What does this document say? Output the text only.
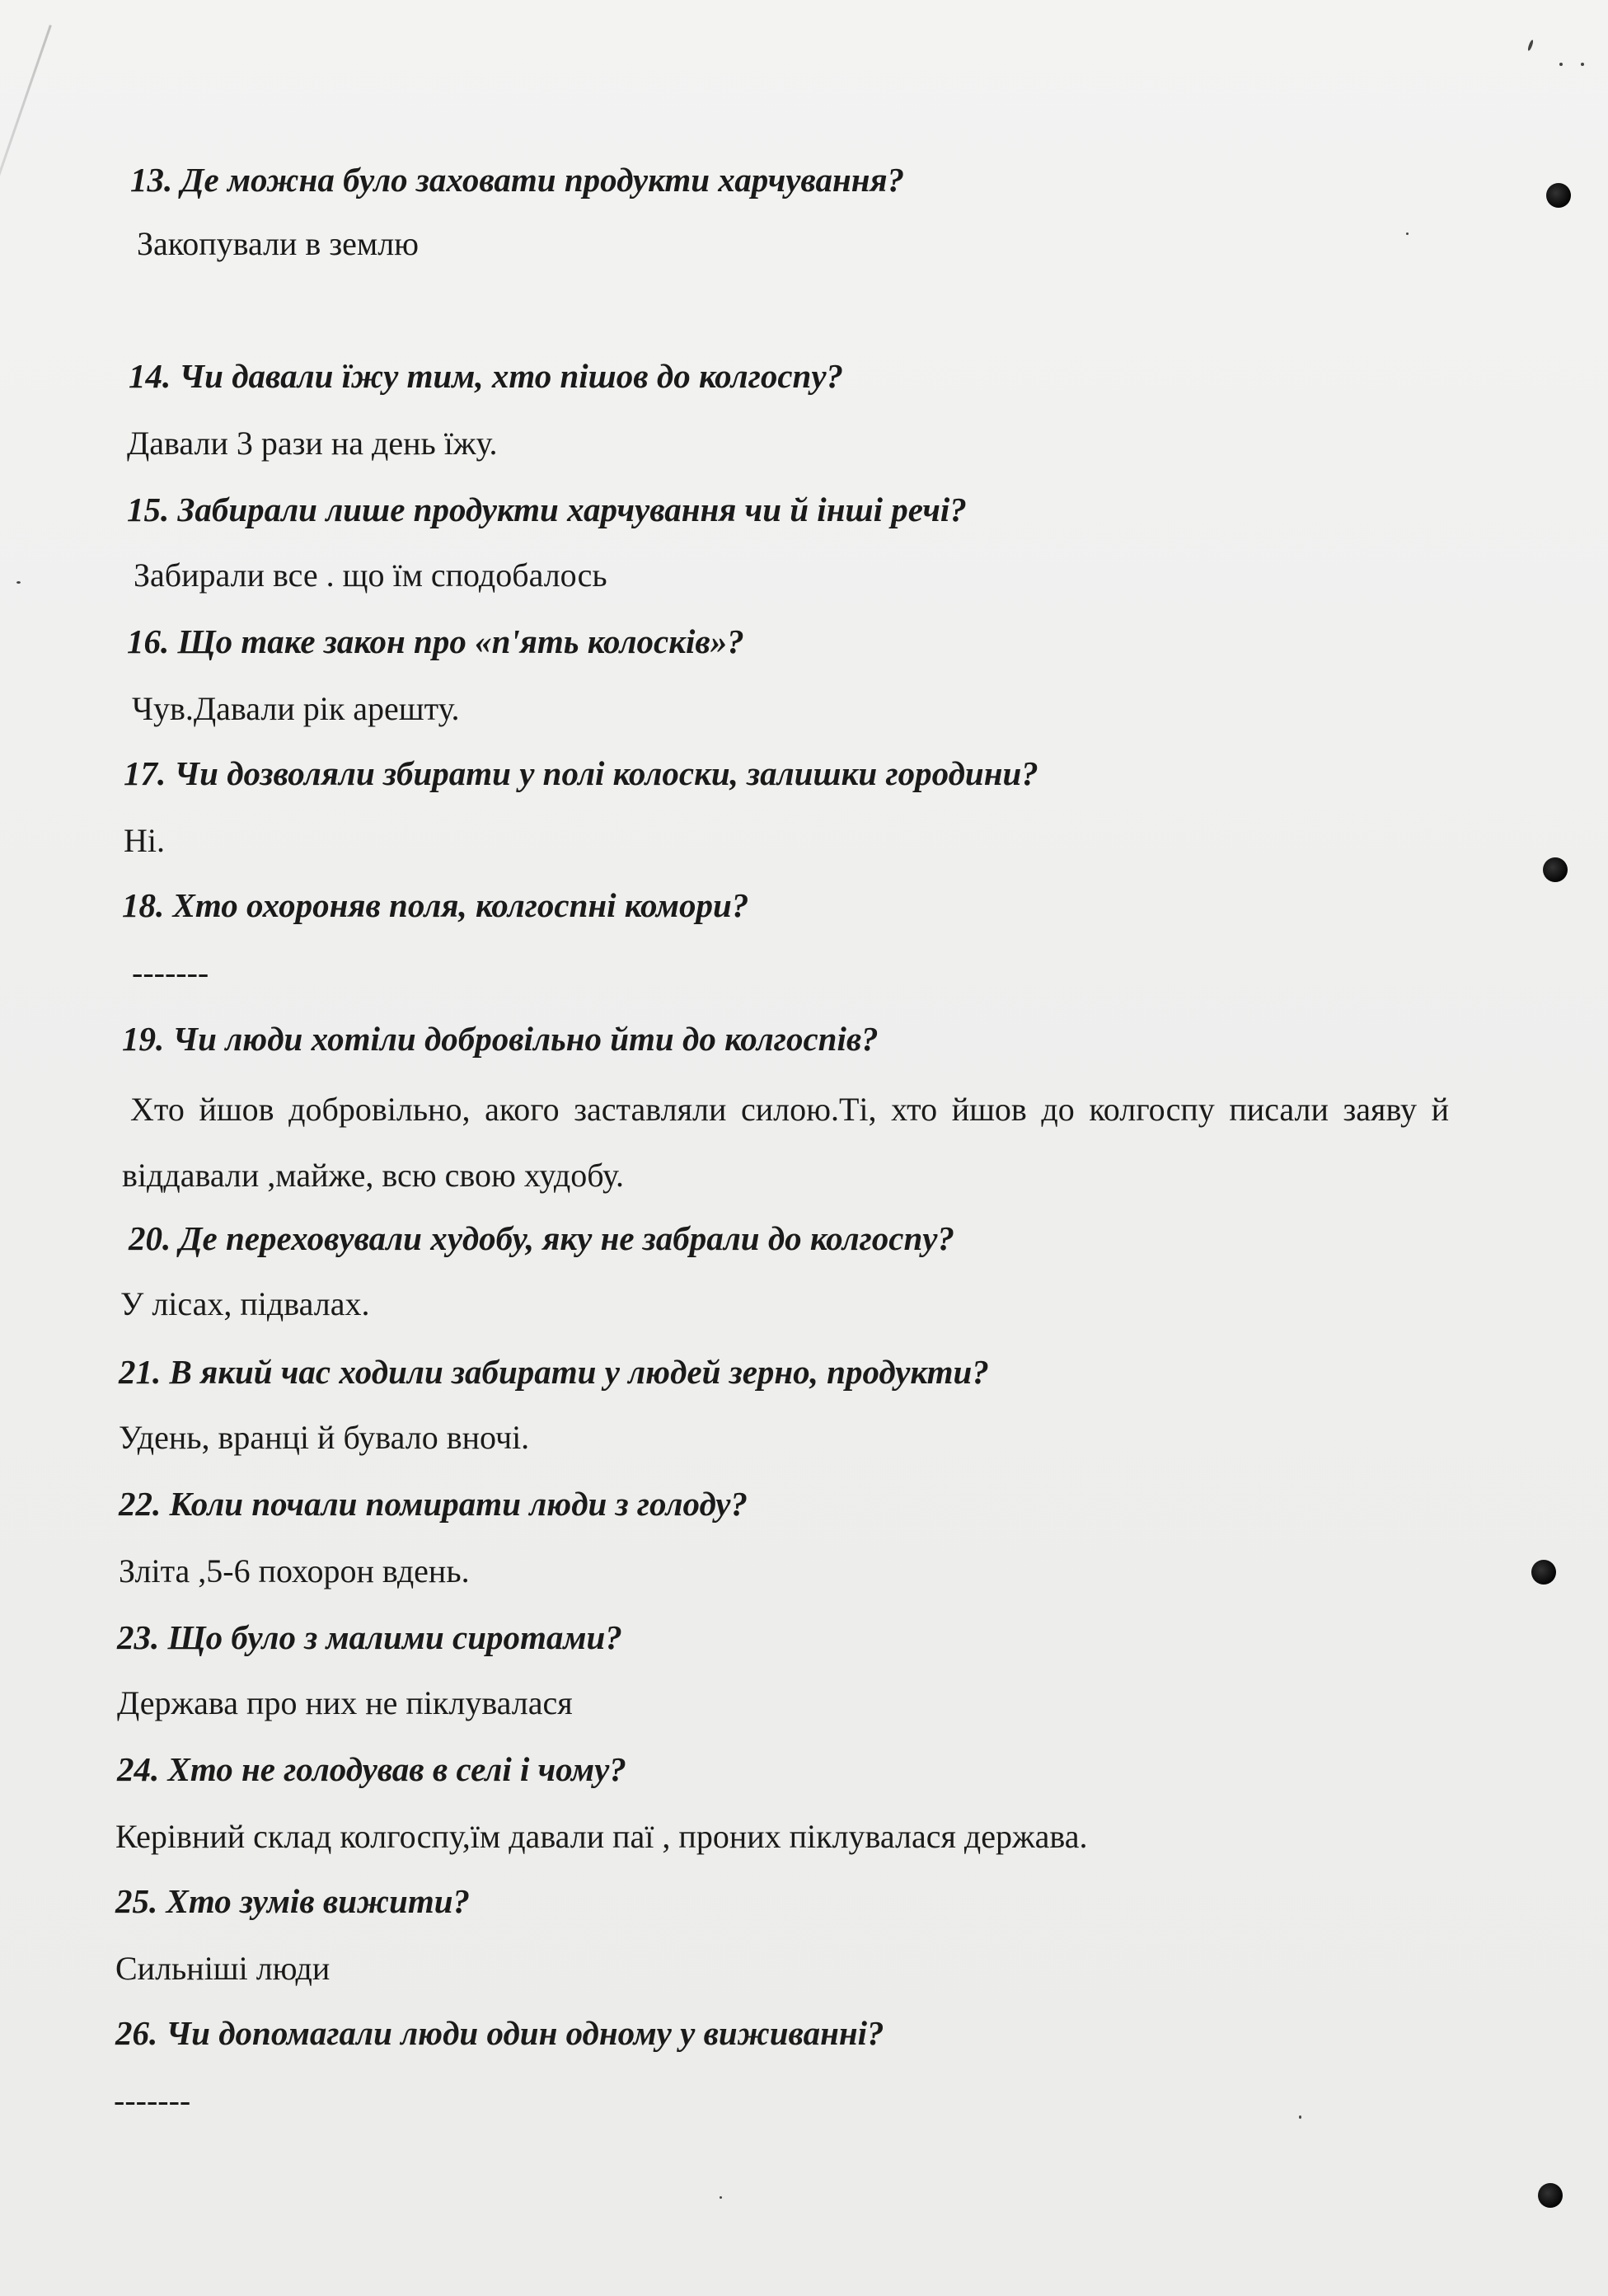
13. Де можна було заховати продукти харчування?
Закопували в землю
14. Чи давали їжу тим, хто пішов до колгоспу?
Давали 3 рази на день їжу.
15. Забирали лише продукти харчування чи й інші речі?
Забирали все . що їм сподобалось
16. Що таке закон про «п'ять колосків»?
Чув.Давали рік арешту.
17. Чи дозволяли збирати у полі колоски, залишки городини?
Ні.
18. Хто охороняв поля, колгоспні комори?
-------
19. Чи люди хотіли добровільно йти до колгоспів?
Хто йшов добровільно, акого заставляли силою.Ті, хто йшов до колгоспу писали заяву й віддавали ,майже, всю свою худобу.
20. Де переховували худобу, яку не забрали до колгоспу?
У лісах, підвалах.
21. В який час ходили забирати у людей зерно, продукти?
Удень, вранці й бувало вночі.
22. Коли почали помирати люди з голоду?
Зліта ,5-6 похорон вдень.
23. Що було з малими сиротами?
Держава про них не піклувалася
24. Хто не голодував в селі і чому?
Керівний склад колгоспу,їм давали паї , проних піклувалася держава.
25. Хто зумів вижити?
Сильніші люди
26. Чи допомагали люди один одному у виживанні?
-------
